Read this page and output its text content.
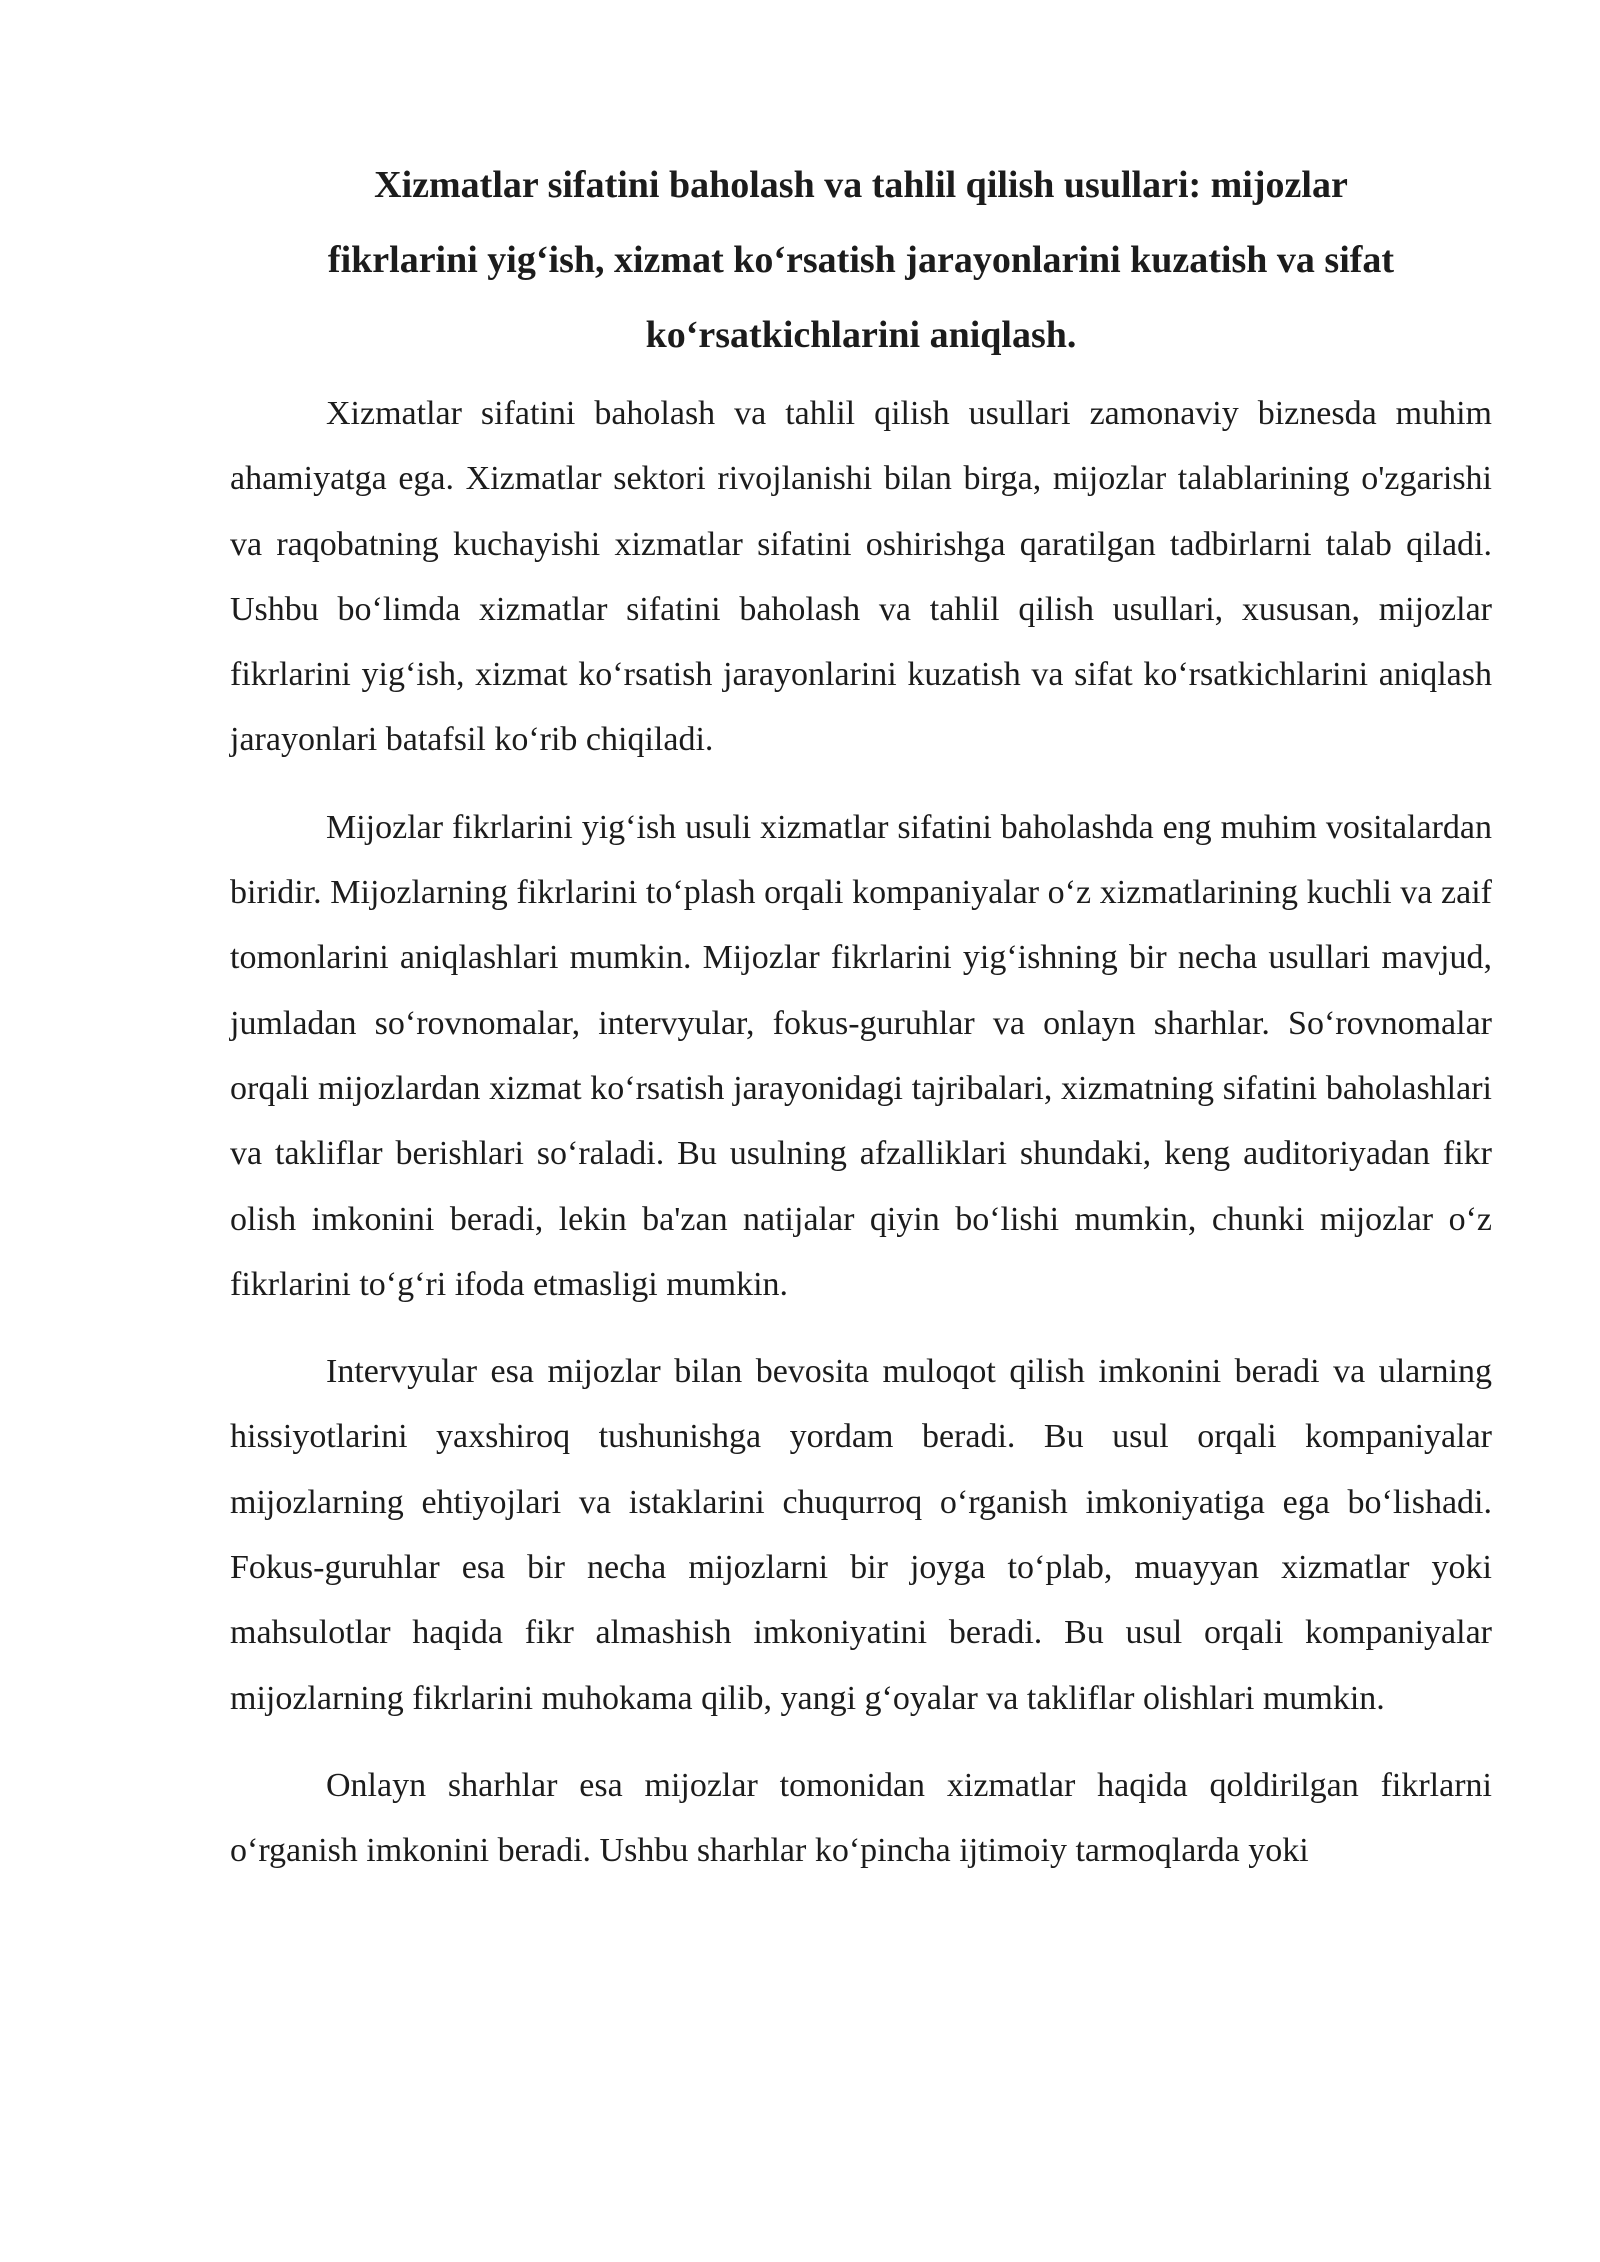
Xizmatlar sifatini baholash va tahlil qilish usullari: mijozlar
fikrlarini yig‘ish, xizmat ko‘rsatish jarayonlarini kuzatish va sifat
ko‘rsatkichlarini aniqlash.

Xizmatlar sifatini baholash va tahlil qilish usullari zamonaviy biznesda muhim ahamiyatga ega. Xizmatlar sektori rivojlanishi bilan birga, mijozlar talablarining o'zgarishi va raqobatning kuchayishi xizmatlar sifatini oshirishga qaratilgan tadbirlarni talab qiladi. Ushbu bo‘limda xizmatlar sifatini baholash va tahlil qilish usullari, xususan, mijozlar fikrlarini yig‘ish, xizmat ko‘rsatish jarayonlarini kuzatish va sifat ko‘rsatkichlarini aniqlash jarayonlari batafsil ko‘rib chiqiladi.

Mijozlar fikrlarini yig‘ish usuli xizmatlar sifatini baholashda eng muhim vositalardan biridir. Mijozlarning fikrlarini to‘plash orqali kompaniyalar o‘z xizmatlarining kuchli va zaif tomonlarini aniqlashlari mumkin. Mijozlar fikrlarini yig‘ishning bir necha usullari mavjud, jumladan so‘rovnomalar, intervyular, fokus-guruhlar va onlayn sharhlar. So‘rovnomalar orqali mijozlardan xizmat ko‘rsatish jarayonidagi tajribalari, xizmatning sifatini baholashlari va takliflar berishlari so‘raladi. Bu usulning afzalliklari shundaki, keng auditoriyadan fikr olish imkonini beradi, lekin ba'zan natijalar qiyin bo‘lishi mumkin, chunki mijozlar o‘z fikrlarini to‘g‘ri ifoda etmasligi mumkin.

Intervyular esa mijozlar bilan bevosita muloqot qilish imkonini beradi va ularning hissiyotlarini yaxshiroq tushunishga yordam beradi. Bu usul orqali kompaniyalar mijozlarning ehtiyojlari va istaklarini chuqurroq o‘rganish imkoniyatiga ega bo‘lishadi. Fokus-guruhlar esa bir necha mijozlarni bir joyga to‘plab, muayyan xizmatlar yoki mahsulotlar haqida fikr almashish imkoniyatini beradi. Bu usul orqali kompaniyalar mijozlarning fikrlarini muhokama qilib, yangi g‘oyalar va takliflar olishlari mumkin.

Onlayn sharhlar esa mijozlar tomonidan xizmatlar haqida qoldirilgan fikrlarni o‘rganish imkonini beradi. Ushbu sharhlar ko‘pincha ijtimoiy tarmoqlarda yoki
